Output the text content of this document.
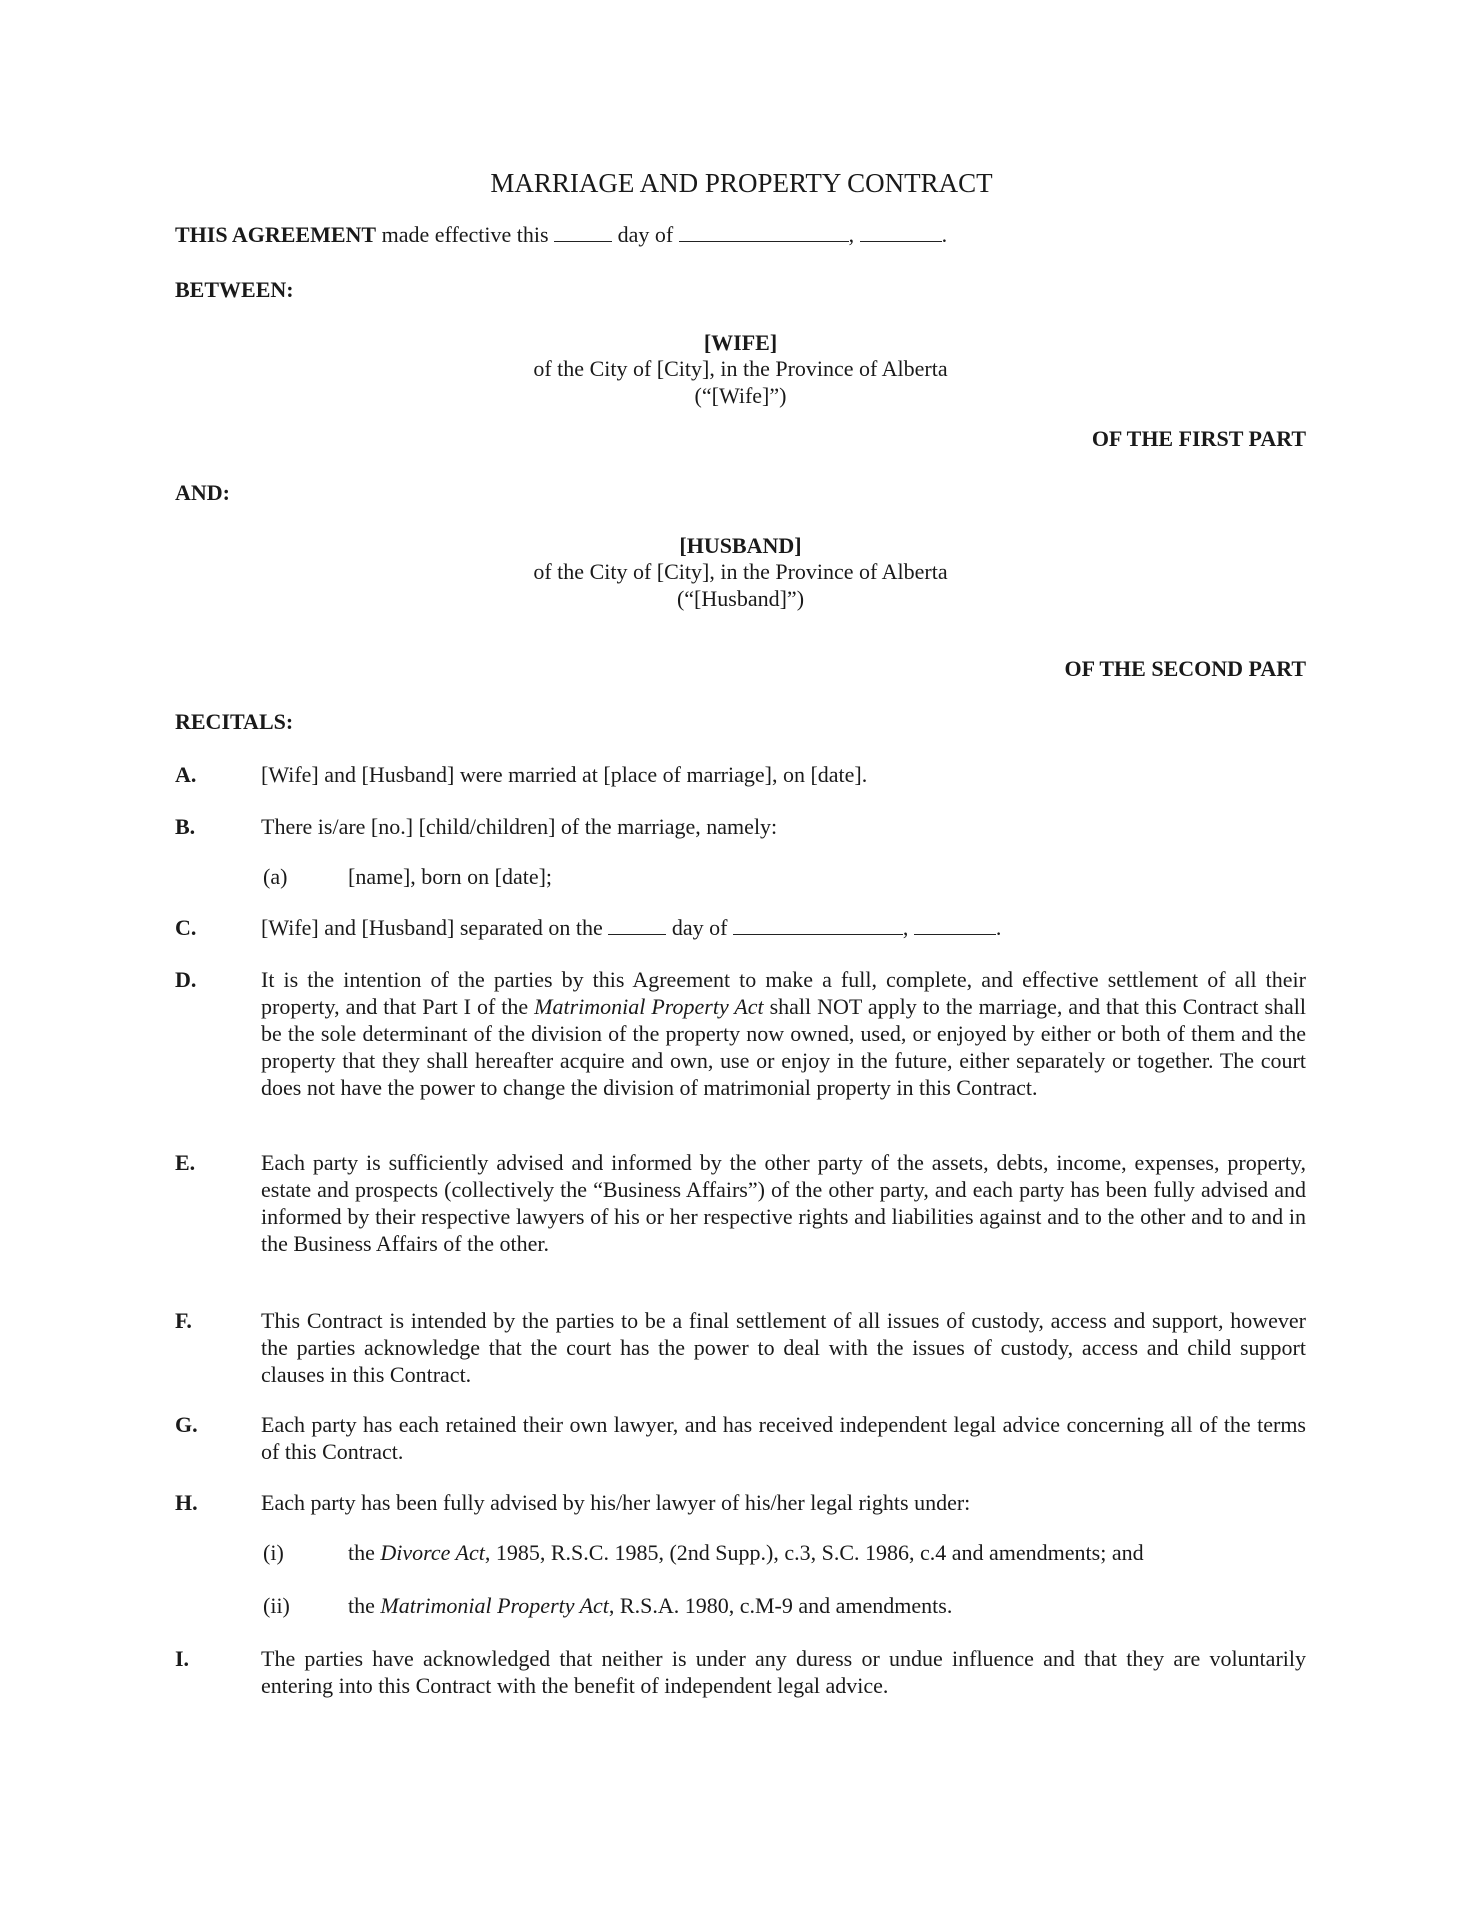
MARRIAGE AND PROPERTY CONTRACT
THIS AGREEMENT made effective this	day of	,	.
BETWEEN:
[WIFE]
of the City of [City], in the Province of Alberta
(“[Wife]”)
OF THE FIRST PART
AND:
[HUSBAND]
of the City of [City], in the Province of Alberta
(“[Husband]”)
OF THE SECOND PART
RECITALS:
A.	[Wife] and [Husband] were married at [place of marriage], on [date].
B.	There is/are [no.] [child/children] of the marriage, namely:
(a)	[name], born on [date];
C.	[Wife] and [Husband] separated on the	day of	,	.
D.	It is the intention of the parties by this Agreement to make a full, complete, and effective settlement of all their property, and that Part I of the Matrimonial Property Act shall NOT apply to the marriage, and that this Contract shall be the sole determinant of the division of the property now owned, used, or enjoyed by either or both of them and the property that they shall hereafter acquire and own, use or enjoy in the future, either separately or together. The court does not have the power to change the division of matrimonial property in this Contract.
E.	Each party is sufficiently advised and informed by the other party of the assets, debts, income, expenses, property, estate and prospects (collectively the “Business Affairs”) of the other party, and each party has been fully advised and informed by their respective lawyers of his or her respective rights and liabilities against and to the other and to and in the Business Affairs of the other.
F.	This Contract is intended by the parties to be a final settlement of all issues of custody, access and support, however the parties acknowledge that the court has the power to deal with the issues of custody, access and child support clauses in this Contract.
G.	Each party has each retained their own lawyer, and has received independent legal advice concerning all of the terms of this Contract.
H.	Each party has been fully advised by his/her lawyer of his/her legal rights under:
(i)	the Divorce Act, 1985, R.S.C. 1985, (2nd Supp.), c.3, S.C. 1986, c.4 and amendments; and
(ii)	the Matrimonial Property Act, R.S.A. 1980, c.M-9 and amendments.
I.	The parties have acknowledged that neither is under any duress or undue influence and that they are voluntarily entering into this Contract with the benefit of independent legal advice.
